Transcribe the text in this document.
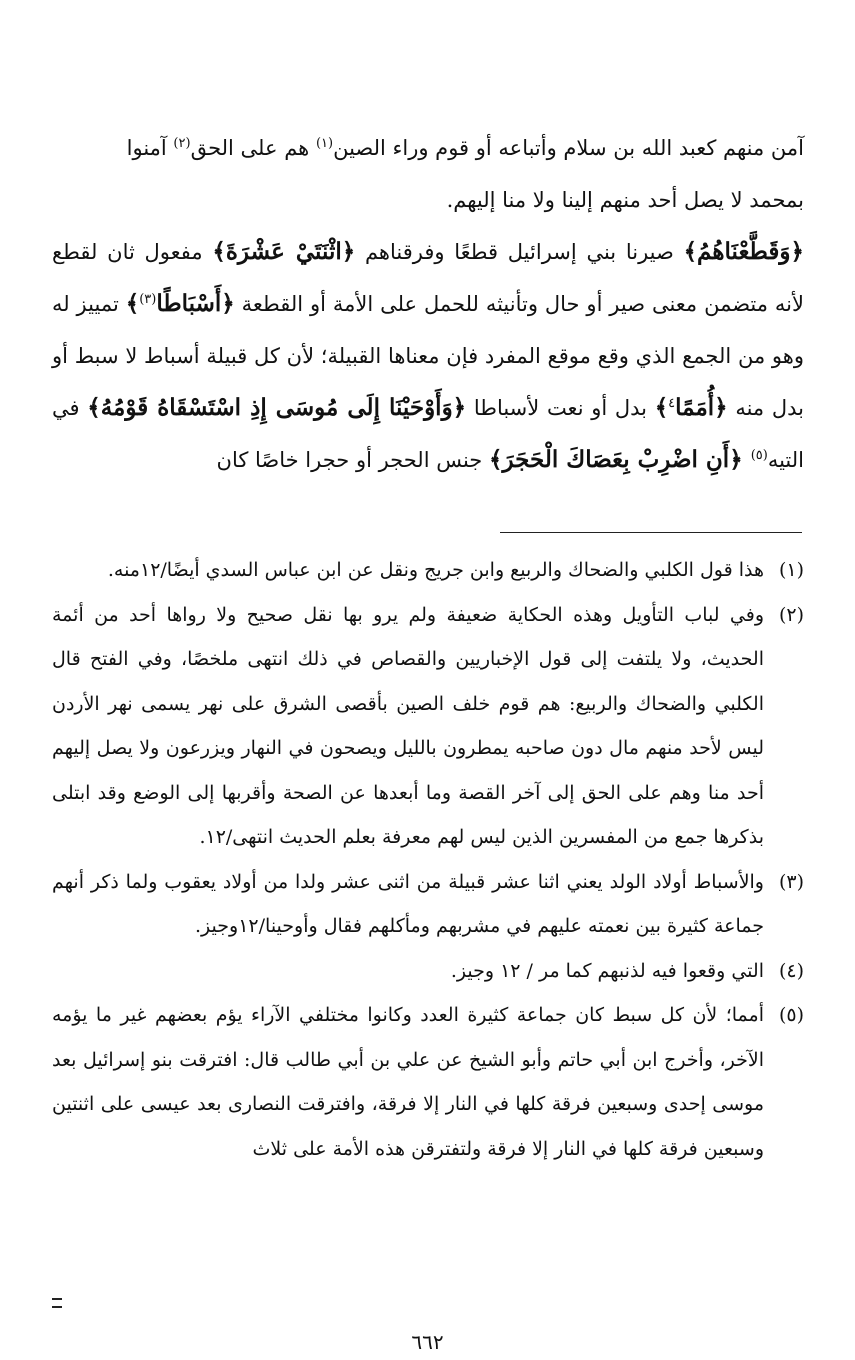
آمن منهم كعبد الله بن سلام وأتباعه أو قوم وراء الصين$^{(١)}$ هم على الحق$^{(٢)}$ آمنوا

بمحمد لا يصل أحد منهم إلينا ولا منا إليهم.

﴿وَقَطَّعْنَاهُمُ﴾ صيرنا بني إسرائيل قطعًا وفرقناهم ﴿اثْنَتَيْ عَشْرَةَ﴾ مفعول ثان لقطع لأنه متضمن معنى صير أو حال وتأنيثه للحمل على الأمة أو القطعة ﴿أَسْبَاطًا$^{(٣)}$﴾ تمييز له وهو من الجمع الذي وقع موقع المفرد فإن معناها القبيلة؛ لأن كل قبيلة أسباط لا سبط أو بدل منه ﴿أُمَمًا$^٤$﴾ بدل أو نعت لأسباطا ﴿وَأَوْحَيْنَا إِلَى مُوسَى إِذِ اسْتَسْقَاهُ قَوْمُهُ﴾ في التيه$^{(٥)}$ ﴿أَنِ اضْرِبْ بِعَصَاكَ الْحَجَرَ﴾ جنس الحجر أو حجرا خاصًا كان

(١)
هذا قول الكلبي والضحاك والربيع وابن جريج ونقل عن ابن عباس السدي أيضًا/١٢منه.
(٢)
وفي لباب التأويل وهذه الحكاية ضعيفة ولم يرو بها نقل صحيح ولا رواها أحد من أئمة الحديث، ولا يلتفت إلى قول الإخباريين والقصاص في ذلك انتهى ملخصًا، وفي الفتح قال الكلبي والضحاك والربيع: هم قوم خلف الصين بأقصى الشرق على نهر يسمى نهر الأردن ليس لأحد منهم مال دون صاحبه يمطرون بالليل ويصحون في النهار ويزرعون ولا يصل إليهم أحد منا وهم على الحق إلى آخر القصة وما أبعدها عن الصحة وأقربها إلى الوضع وقد ابتلى بذكرها جمع من المفسرين الذين ليس لهم معرفة بعلم الحديث انتهى/١٢.
(٣)
والأسباط أولاد الولد يعني اثنا عشر قبيلة من اثنى عشر ولدا من أولاد يعقوب ولما ذكر أنهم جماعة كثيرة بين نعمته عليهم في مشربهم ومأكلهم فقال وأوحينا/١٢وجيز.
(٤)
التي وقعوا فيه لذنبهم كما مر / ١٢ وجيز.
(٥)
أمما؛ لأن كل سبط كان جماعة كثيرة العدد وكانوا مختلفي الآراء يؤم بعضهم غير ما يؤمه الآخر، وأخرج ابن أبي حاتم وأبو الشيخ عن علي بن أبي طالب قال: افترقت بنو إسرائيل بعد موسى إحدى وسبعين فرقة كلها في النار إلا فرقة، وافترقت النصارى بعد عيسى على اثنتين وسبعين فرقة كلها في النار إلا فرقة ولتفترقن هذه الأمة على ثلاث
٦٦٢
